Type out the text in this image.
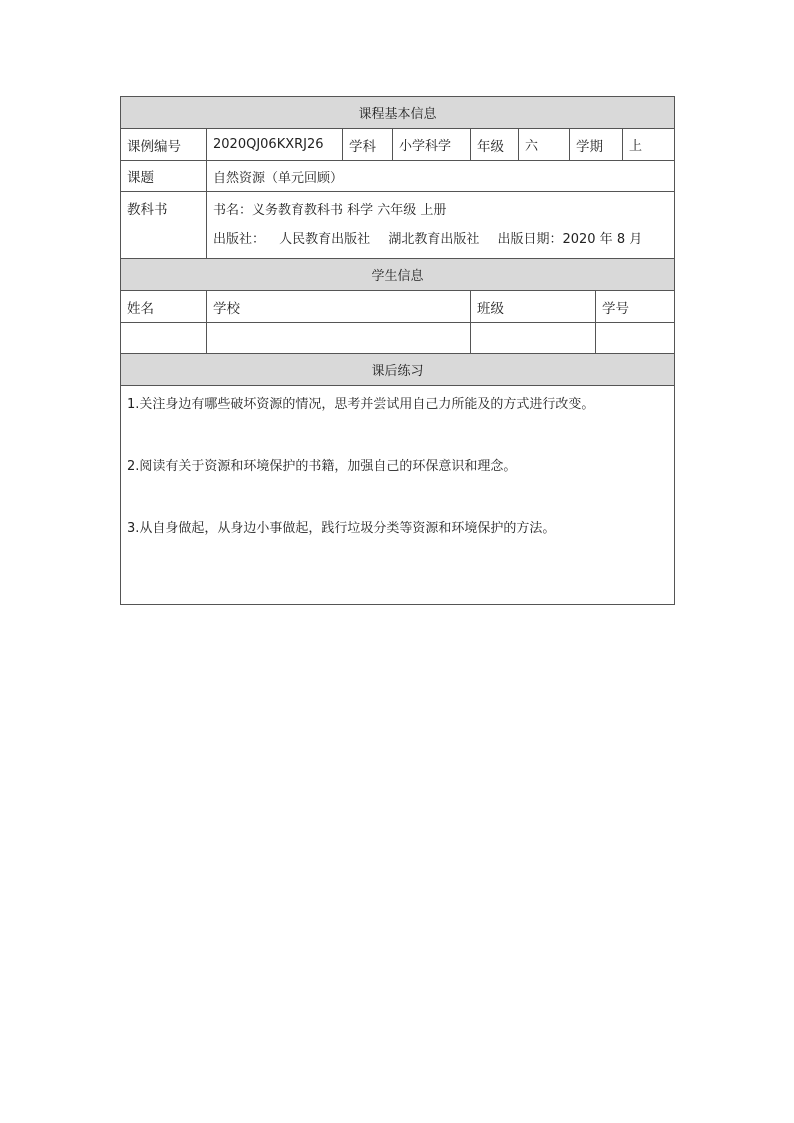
课程基本信息								
课例编号	2020QJ06KXRJ26	学科	小学科学	年级	六	学期		上
课题	自然资源（单元回顾）							
教科书	书名：义务教育教科书 科学 六年级 上册
出版社： 人民教育出版社 湖北教育出版社 出版日期：2020 年 8 月							

学生信息								
姓名	学校			班级			学号	

课后练习								

1.关注身边有哪些破坏资源的情况，思考并尝试用自己力所能及的方式进行改变。
2.阅读有关于资源和环境保护的书籍，加强自己的环保意识和理念。
3.从自身做起，从身边小事做起，践行垃圾分类等资源和环境保护的方法。								
